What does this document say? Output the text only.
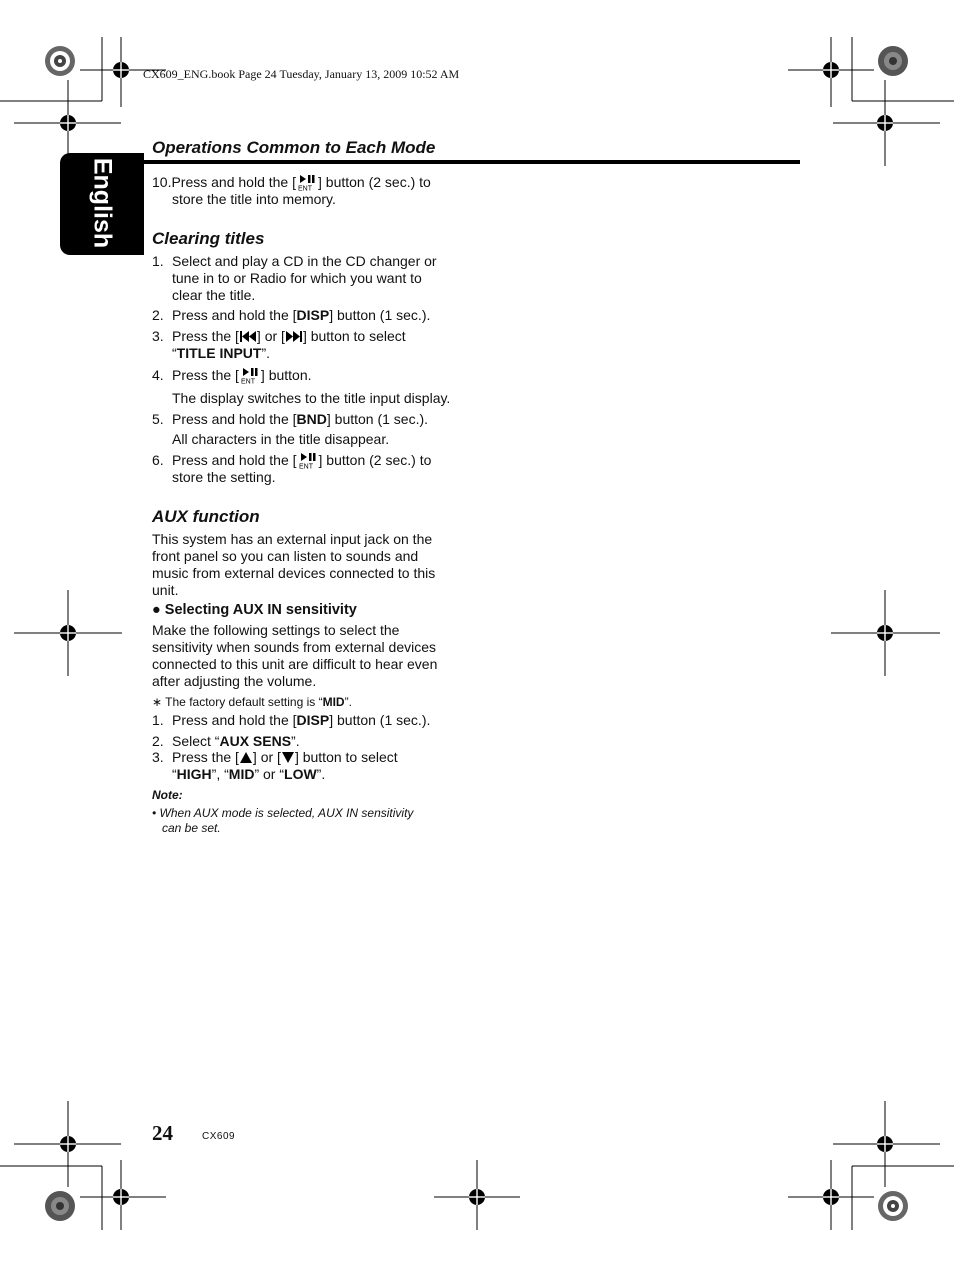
CX609_ENG.book Page 24 Tuesday, January 13, 2009 10:52 AM
English
Operations Common to Each Mode
10.Press and hold the [ ENT ] button (2 sec.) to
store the title into memory.
Clearing titles
1. Select and play a CD in the CD changer or
tune in to or Radio for which you want to
clear the title.
2. Press and hold the [DISP] button (1 sec.).
3. Press the [ ] or [ ] button to select
“TITLE INPUT”.
4. Press the [ ENT ] button.
The display switches to the title input display.
5. Press and hold the [BND] button (1 sec.).
All characters in the title disappear.
6. Press and hold the [ ENT ] button (2 sec.) to
store the setting.
AUX function
This system has an external input jack on the
front panel so you can listen to sounds and
music from external devices connected to this
unit.
● Selecting AUX IN sensitivity
Make the following settings to select the
sensitivity when sounds from external devices
connected to this unit are difficult to hear even
after adjusting the volume.
∗ The factory default setting is “MID”.
1. Press and hold the [DISP] button (1 sec.).
2. Select “AUX SENS”.
3. Press the [ ] or [ ] button to select
“HIGH”, “MID” or “LOW”.
Note:
• When AUX mode is selected, AUX IN sensitivity
can be set.
24	CX609
